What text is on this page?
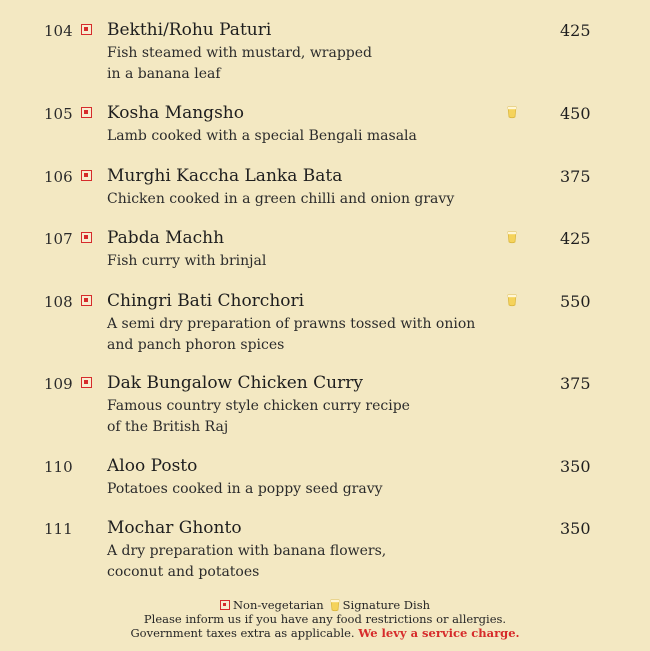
104 Bekthi/Rohu Paturi
Fish steamed with mustard, wrapped
in a banana leaf
425
105 Kosha Mangsho
Lamb cooked with a special Bengali masala
450
106 Murghi Kaccha Lanka Bata
Chicken cooked in a green chilli and onion gravy
375
107 Pabda Machh
Fish curry with brinjal
425
108 Chingri Bati Chorchori
A semi dry preparation of prawns tossed with onion
and panch phoron spices
550
109 Dak Bungalow Chicken Curry
Famous country style chicken curry recipe
of the British Raj
375
110 Aloo Posto
Potatoes cooked in a poppy seed gravy
350
111 Mochar Ghonto
A dry preparation with banana flowers,
coconut and potatoes
350
Non-vegetarian Signature Dish
Please inform us if you have any food restrictions or allergies.
Government taxes extra as applicable. We levy a service charge.
